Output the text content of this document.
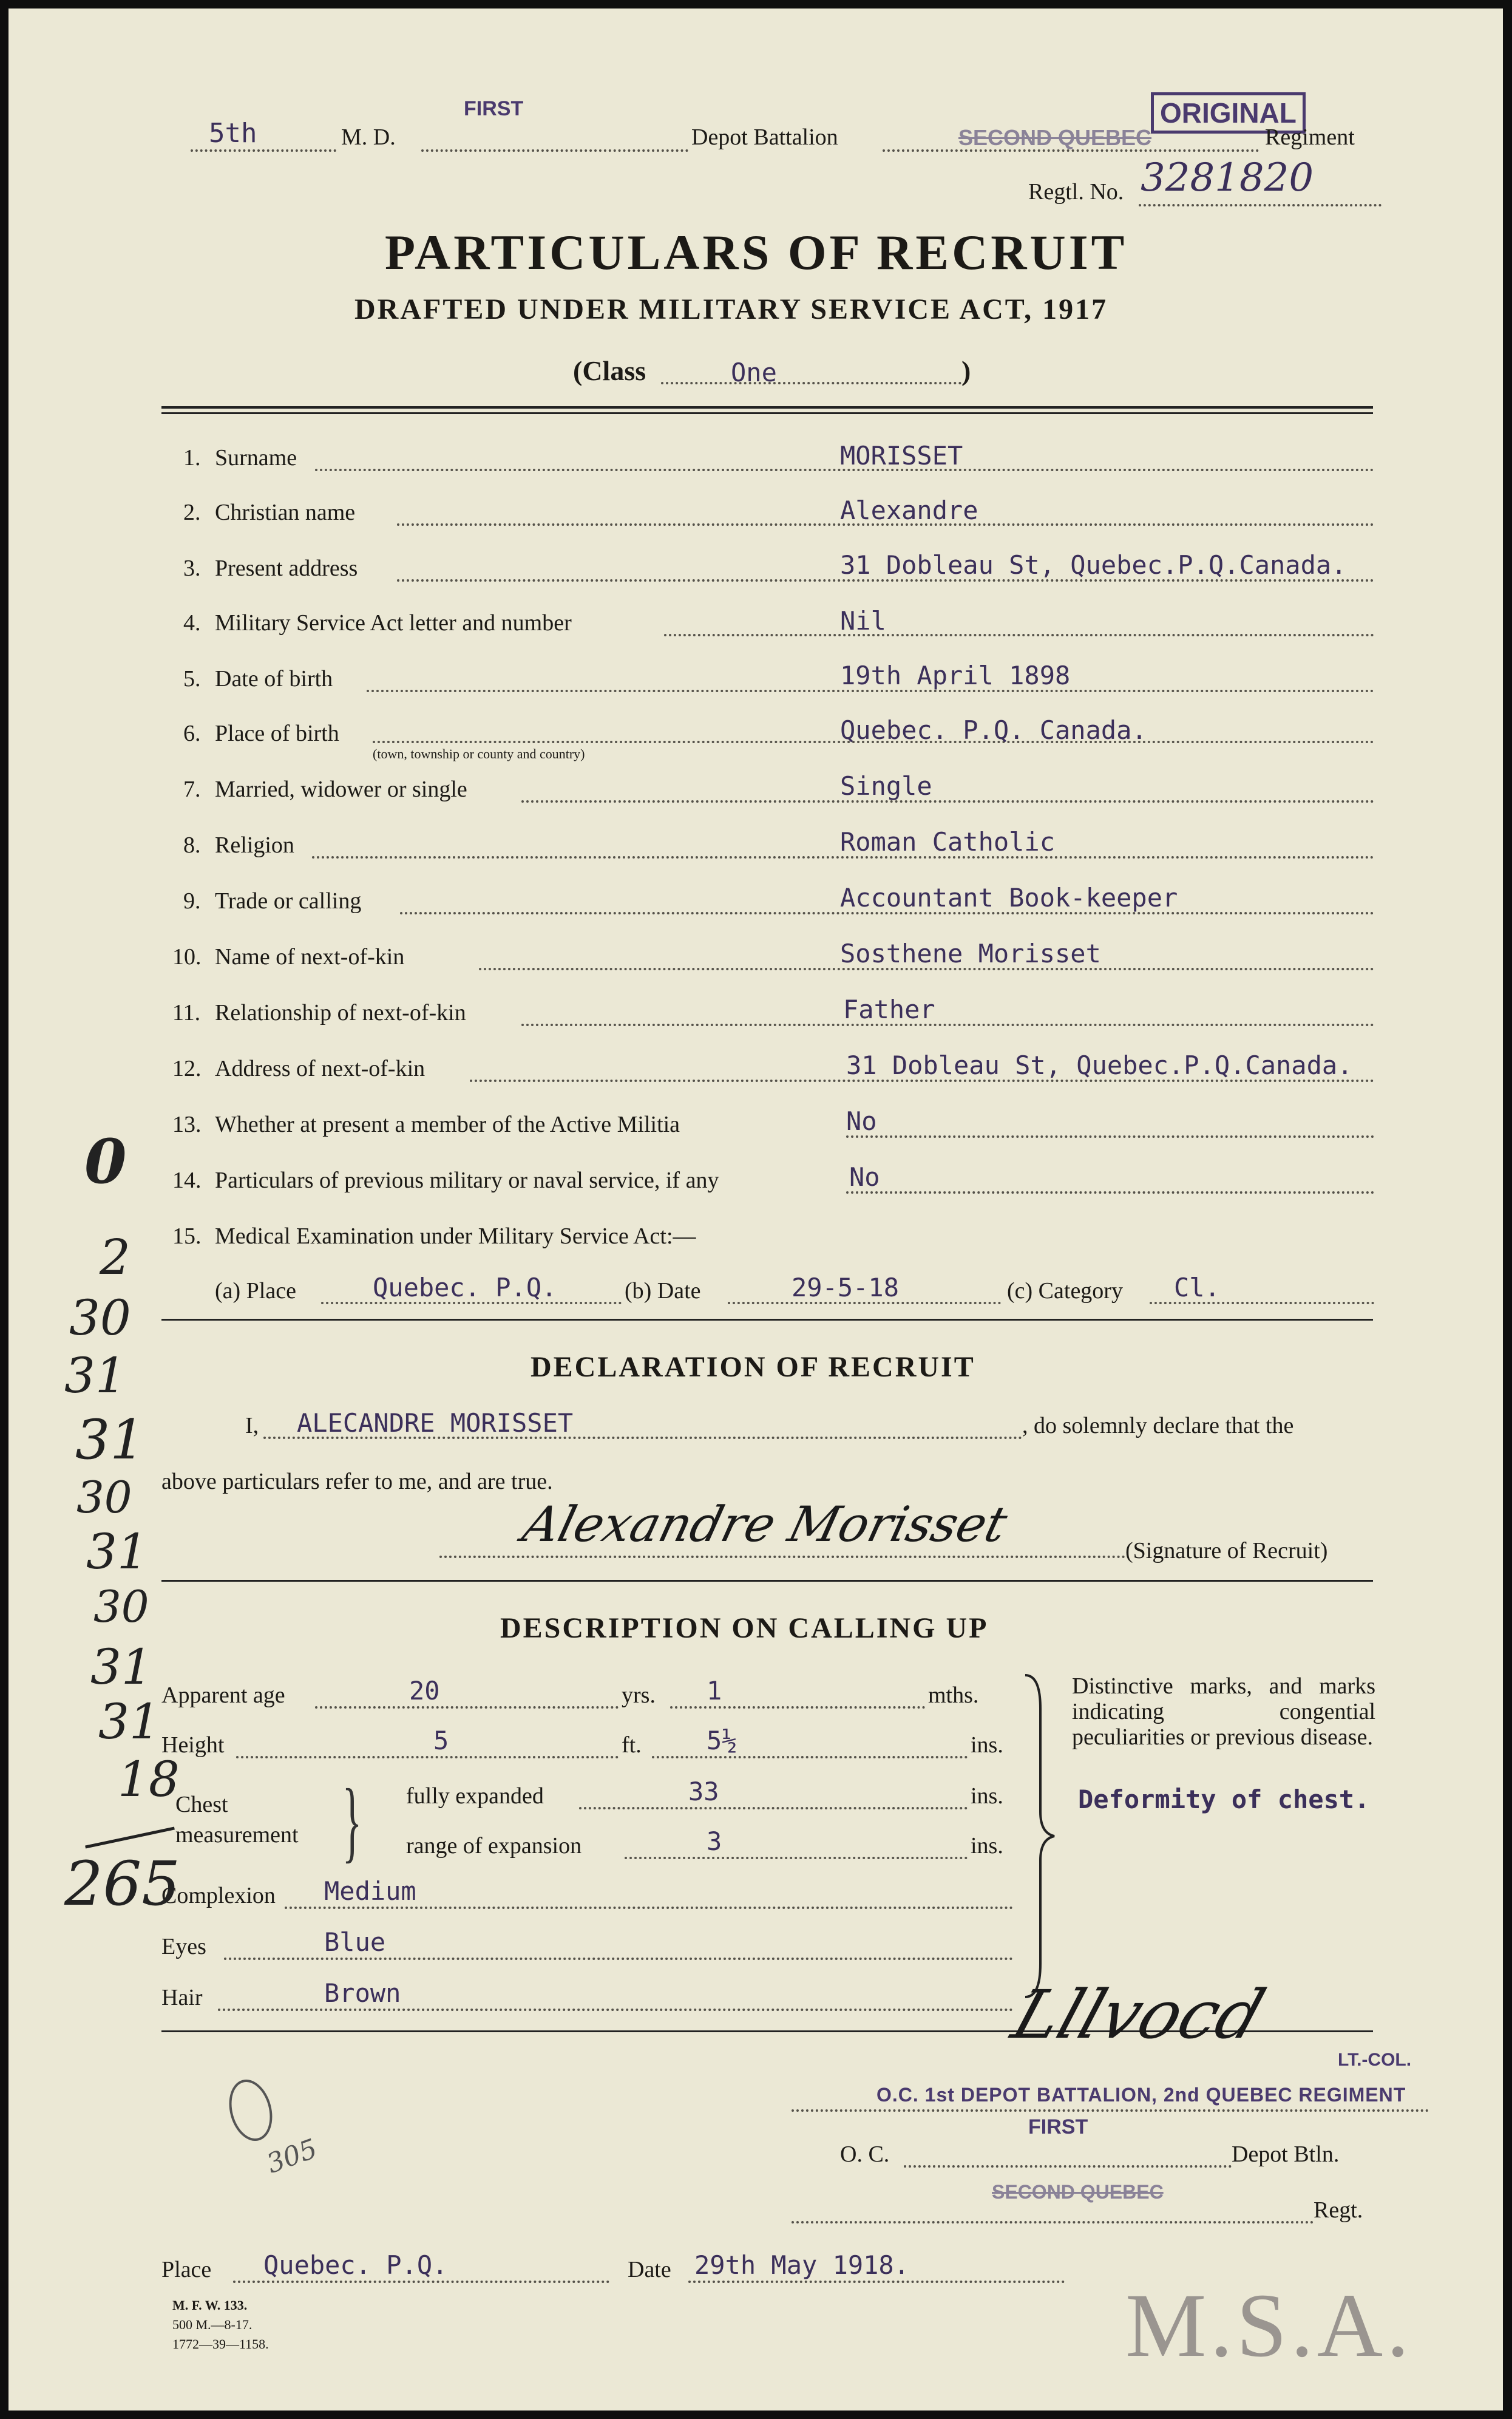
5th	M. D.
FIRST
Depot Battalion	SECOND QUEBEC
ORIGINAL
Regiment
Regtl. No. 3281820
PARTICULARS OF RECRUIT
DRAFTED UNDER MILITARY SERVICE ACT, 1917
(Class	One	)
1. Surname	MORISSET
2. Christian name	Alexandre
3. Present address	31 Dobleau St, Quebec.P.Q.Canada.
4. Military Service Act letter and number	Nil
5. Date of birth	19th April 1898
6. Place of birth
(town, township or county and country)
Quebec. P.Q. Canada.
7. Married, widower or single	Single
8. Religion	Roman Catholic
9. Trade or calling	Accountant Book-keeper
10. Name of next-of-kin	Sosthene Morisset
11. Relationship of next-of-kin	Father
12. Address of next-of-kin	31 Dobleau St, Quebec.P.Q.Canada.
13. Whether at present a member of the Active Militia	No
14. Particulars of previous military or naval service, if any	No
15. Medical Examination under Military Service Act:—
(a) Place	Quebec. P.Q.	(b) Date	29-5-18	(c) Category Cl.
DECLARATION OF RECRUIT
I, ALECANDRE MORISSET	, do solemnly declare that the
above particulars refer to me, and are true.
Alexandre Morisset	(Signature of Recruit)
DESCRIPTION ON CALLING UP
Apparent age	20	yrs. 1	mths.
Height	5	ft.	5½	ins.
Chest
measurement } fully expanded	33	ins.
range of expansion	3	ins.
Complexion Medium
Eyes	Blue
Hair	Brown
Distinctive marks, and marks indicating congential peculiarities or previous disease.
Deformity of chest.
Lllvocd
LT.-COL.
O.C. 1st DEPOT BATTALION, 2nd QUEBEC REGIMENT
FIRST
O. C.	Depot Btln.
SECOND QUEBEC
Regt.
Place Quebec. P.Q.	Date 29th May 1918.
M. F. W. 133.
500 M.—8-17.
1772—39—1158.	M.S.A.
305
0
2
30
31
31
30
31
30
31
31
18
265
